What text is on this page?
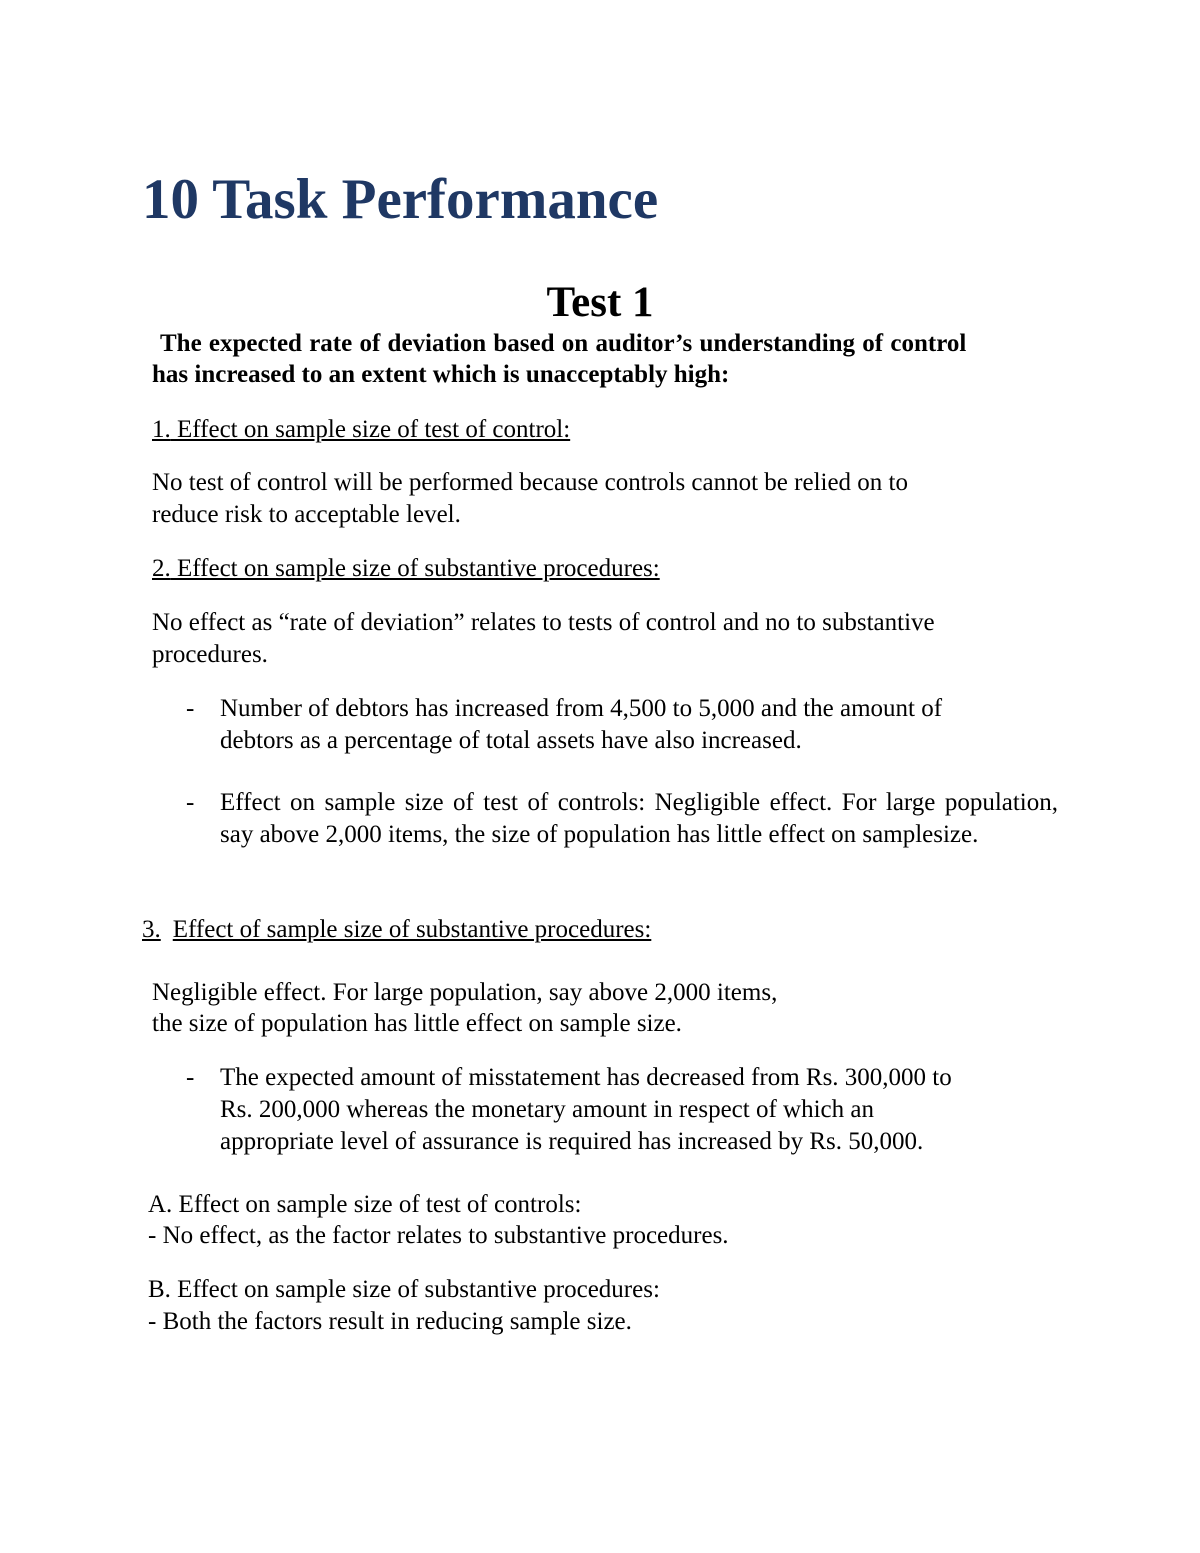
10 Task Performance
Test 1

The expected rate of deviation based on auditor’s understanding of control

has increased to an extent which is unacceptably high:

1. Effect on sample size of test of control:

No test of control will be performed because controls cannot be relied on to

reduce risk to acceptable level.

2. Effect on sample size of substantive procedures:

No effect as “rate of deviation” relates to tests of control and no to substantive

procedures.

- Number of debtors has increased from 4,500 to 5,000 and the amount of

debtors as a percentage of total assets have also increased.

- Effect on sample size of test of controls: Negligible effect. For large population, say above 2,000 items, the size of population has little effect on samplesize.

3. Effect of sample size of substantive procedures:

Negligible effect. For large population, say above 2,000 items,

the size of population has little effect on sample size.

- The expected amount of misstatement has decreased from Rs. 300,000 to

Rs. 200,000 whereas the monetary amount in respect of which an

appropriate level of assurance is required has increased by Rs. 50,000.

A. Effect on sample size of test of controls:

- No effect, as the factor relates to substantive procedures.

B. Effect on sample size of substantive procedures:

- Both the factors result in reducing sample size.
